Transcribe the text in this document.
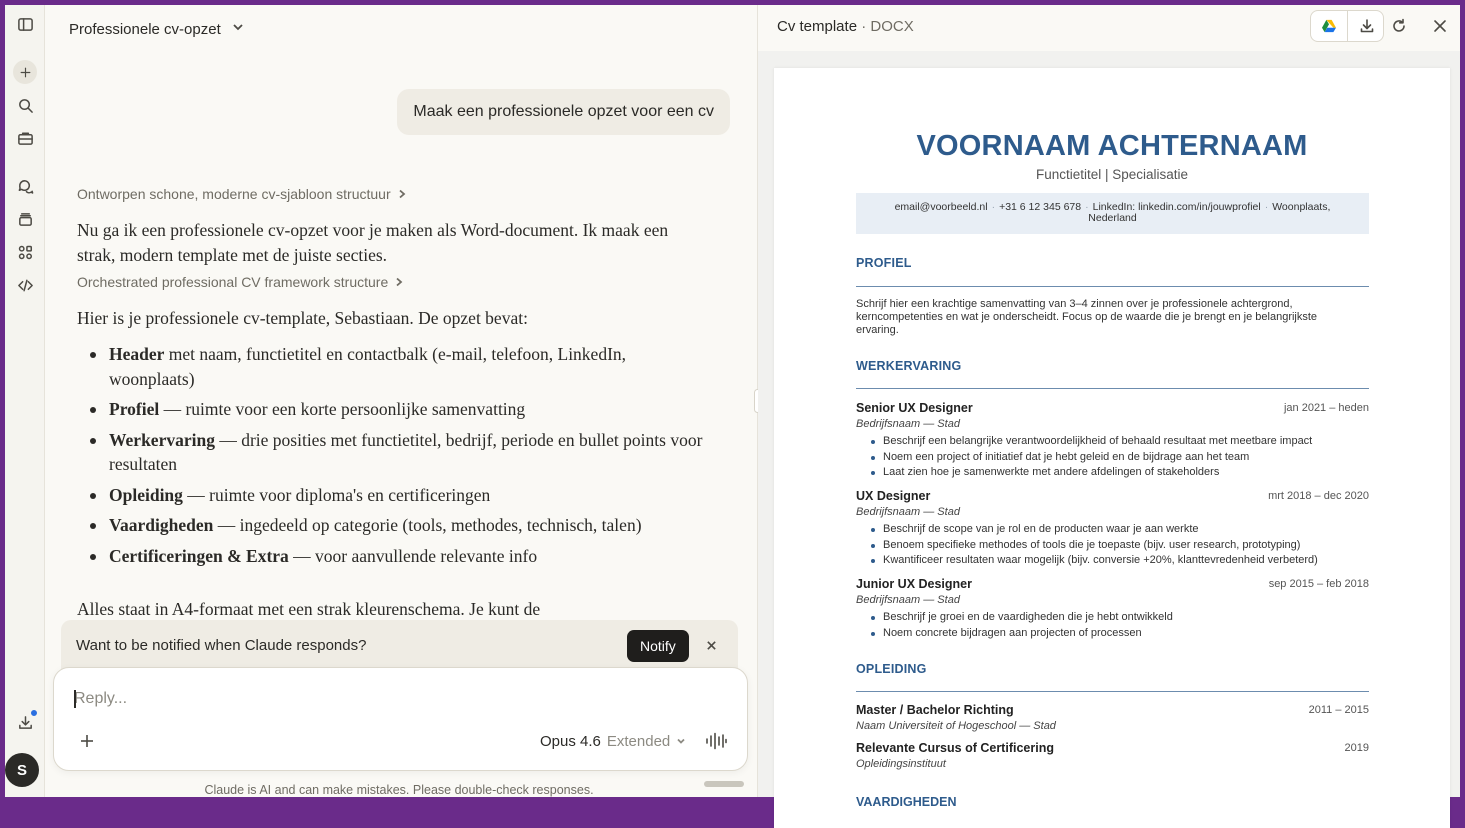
S
Professionele cv-opzet
Maak een professionele opzet voor een cv
Ontworpen schone, moderne cv-sjabloon structuur

Nu ga ik een professionele cv-opzet voor je maken als Word-document. Ik maak een strak, modern template met de juiste secties.

Orchestrated professional CV framework structure

Hier is je professionele cv-template, Sebastiaan. De opzet bevat:

Header met naam, functietitel en contactbalk (e-mail, telefoon, LinkedIn, woonplaats)
Profiel — ruimte voor een korte persoonlijke samenvatting
Werkervaring — drie posities met functietitel, bedrijf, periode en bullet points voor resultaten
Opleiding — ruimte voor diploma's en certificeringen
Vaardigheden — ingedeeld op categorie (tools, methodes, technisch, talen)
Certificeringen & Extra — voor aanvullende relevante info

Alles staat in A4-formaat met een strak kleurenschema. Je kunt de

Want to be notified when Claude responds?	Notify
Reply...
Opus 4.6 Extended
Claude is AI and can make mistakes. Please double-check responses.
Cv template · DOCX
VOORNAAM ACHTERNAAM
Functietitel | Specialisatie
email@voorbeeld.nl · +31 6 12 345 678 · LinkedIn: linkedin.com/in/jouwprofiel · Woonplaats, Nederland
PROFIEL
Schrijf hier een krachtige samenvatting van 3–4 zinnen over je professionele achtergrond, kerncompetenties en wat je onderscheidt. Focus op de waarde die je brengt en je belangrijkste ervaring.
WERKERVARING
Senior UX Designer	jan 2021 – heden
Bedrijfsnaam — Stad
Beschrijf een belangrijke verantwoordelijkheid of behaald resultaat met meetbare impact
Noem een project of initiatief dat je hebt geleid en de bijdrage aan het team
Laat zien hoe je samenwerkte met andere afdelingen of stakeholders
UX Designer	mrt 2018 – dec 2020
Bedrijfsnaam — Stad
Beschrijf de scope van je rol en de producten waar je aan werkte
Benoem specifieke methodes of tools die je toepaste (bijv. user research, prototyping)
Kwantificeer resultaten waar mogelijk (bijv. conversie +20%, klanttevredenheid verbeterd)
Junior UX Designer	sep 2015 – feb 2018
Bedrijfsnaam — Stad
Beschrijf je groei en de vaardigheden die je hebt ontwikkeld
Noem concrete bijdragen aan projecten of processen
OPLEIDING
Master / Bachelor Richting	2011 – 2015
Naam Universiteit of Hogeschool — Stad
Relevante Cursus of Certificering	2019
Opleidingsinstituut
VAARDIGHEDEN
